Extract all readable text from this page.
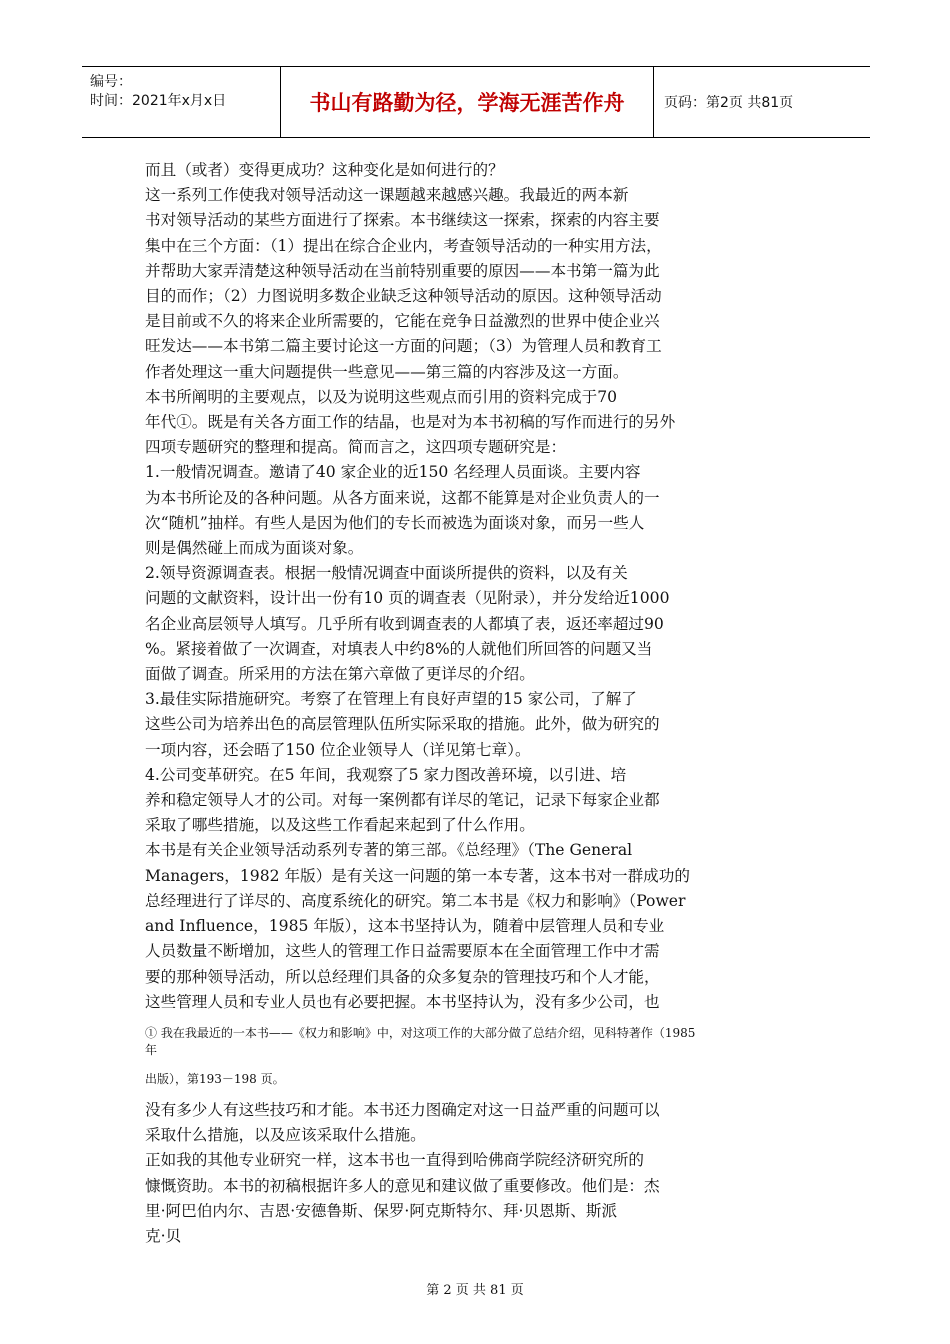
编号：
时间：2021年x月x日	书山有路勤为径，学海无涯苦作舟	页码：第2页 共81页

而且（或者）变得更成功？这种变化是如何进行的？

这一系列工作使我对领导活动这一课题越来越感兴趣。我最近的两本新

书对领导活动的某些方面进行了探索。本书继续这一探索，探索的内容主要

集中在三个方面：（1）提出在综合企业内，考查领导活动的一种实用方法，

并帮助大家弄清楚这种领导活动在当前特别重要的原因——本书第一篇为此

目的而作；（2）力图说明多数企业缺乏这种领导活动的原因。这种领导活动

是目前或不久的将来企业所需要的，它能在竞争日益激烈的世界中使企业兴

旺发达——本书第二篇主要讨论这一方面的问题；（3）为管理人员和教育工

作者处理这一重大问题提供一些意见——第三篇的内容涉及这一方面。

本书所阐明的主要观点，以及为说明这些观点而引用的资料完成于70

年代①。既是有关各方面工作的结晶，也是对为本书初稿的写作而进行的另外

四项专题研究的整理和提高。简而言之，这四项专题研究是：

1.一般情况调查。邀请了40 家企业的近150 名经理人员面谈。主要内容

为本书所论及的各种问题。从各方面来说，这都不能算是对企业负责人的一

次“随机”抽样。有些人是因为他们的专长而被选为面谈对象，而另一些人

则是偶然碰上而成为面谈对象。

2.领导资源调查表。根据一般情况调查中面谈所提供的资料，以及有关

问题的文献资料，设计出一份有10 页的调查表（见附录），并分发给近1000

名企业高层领导人填写。几乎所有收到调查表的人都填了表，返还率超过90

%。紧接着做了一次调查，对填表人中约8%的人就他们所回答的问题又当

面做了调查。所采用的方法在第六章做了更详尽的介绍。

3.最佳实际措施研究。考察了在管理上有良好声望的15 家公司，了解了

这些公司为培养出色的高层管理队伍所实际采取的措施。此外，做为研究的

一项内容，还会晤了150 位企业领导人（详见第七章）。

4.公司变革研究。在5 年间，我观察了5 家力图改善环境，以引进、培

养和稳定领导人才的公司。对每一案例都有详尽的笔记，记录下每家企业都

采取了哪些措施，以及这些工作看起来起到了什么作用。

本书是有关企业领导活动系列专著的第三部。《总经理》（The General

Managers，1982 年版）是有关这一问题的第一本专著，这本书对一群成功的

总经理进行了详尽的、高度系统化的研究。第二本书是《权力和影响》（Power

and Influence，1985 年版），这本书坚持认为，随着中层管理人员和专业

人员数量不断增加，这些人的管理工作日益需要原本在全面管理工作中才需

要的那种领导活动，所以总经理们具备的众多复杂的管理技巧和个人才能，

这些管理人员和专业人员也有必要把握。本书坚持认为，没有多少公司，也

① 我在我最近的一本书——《权力和影响》中，对这项工作的大部分做了总结介绍，见科特著作（1985

年

出版），第193－198 页。

没有多少人有这些技巧和才能。本书还力图确定对这一日益严重的问题可以

采取什么措施，以及应该采取什么措施。

正如我的其他专业研究一样，这本书也一直得到哈佛商学院经济研究所的

慷慨资助。本书的初稿根据许多人的意见和建议做了重要修改。他们是：杰

里·阿巴伯内尔、吉恩·安德鲁斯、保罗·阿克斯特尔、拜·贝恩斯、斯派

克·贝

第 2 页 共 81 页
